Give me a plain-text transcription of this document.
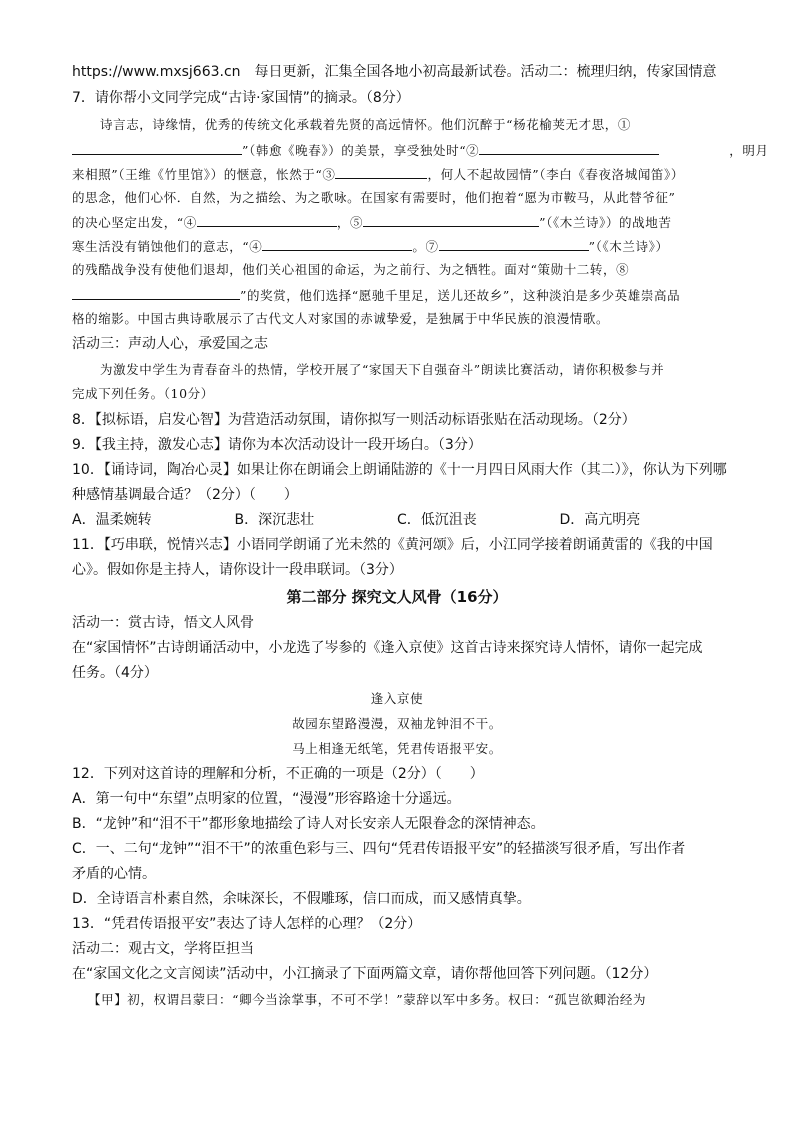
https://www.mxsj663.cn 每日更新，汇集全国各地小初高最新试卷。活动二：梳理归纳，传家国情意
7．请你帮小文同学完成“古诗·家国情”的摘录。（8分）
诗言志，诗缘情，优秀的传统文化承载着先贤的高远情怀。他们沉醉于“杨花榆荚无才思，①
”（韩愈《晚春》）的美景，享受独处时“②	，明月
来相照”（王维《竹里馆》）的惬意，怅然于“③	，何人不起故园情”（李白《春夜洛城闻笛》）
的思念，他们心怀．自然，为之描绘、为之歌咏。在国家有需要时，他们抱着“愿为市鞍马，从此替爷征”
的决心坚定出发，“④	，⑤	”（《木兰诗》）的战地苦
寒生活没有销蚀他们的意志，“④	。⑦	”（《木兰诗》）
的残酷战争没有使他们退却，他们关心祖国的命运，为之前行、为之牺牲。面对“策勋十二转，⑧
”的奖赏，他们选择“愿驰千里足，送儿还故乡”，这种淡泊是多少英雄崇高品
格的缩影。中国古典诗歌展示了古代文人对家国的赤诚挚爱，是独属于中华民族的浪漫情歌。
活动三：声动人心，承爱国之志
为激发中学生为青春奋斗的热情，学校开展了“家国天下自强奋斗”朗读比赛活动，请你积极参与并
完成下列任务。（10分）
8．【拟标语，启发心智】为营造活动氛围，请你拟写一则活动标语张贴在活动现场。（2分）
9．【我主持，激发心志】请你为本次活动设计一段开场白。（3分）
10．【诵诗词，陶冶心灵】如果让你在朗诵会上朗诵陆游的《十一月四日风雨大作（其二）》，你认为下列哪
种感情基调最合适？（2分）（　　）
A．温柔婉转	B．深沉悲壮	C．低沉沮丧	D．高亢明亮
11．【巧串联，悦情兴志】小语同学朗诵了光未然的《黄河颂》后，小江同学接着朗诵黄雷的《我的中国
心》。假如你是主持人，请你设计一段串联词。（3分）
第二部分 探究文人风骨（16分）
活动一：赏古诗，悟文人风骨
在“家国情怀”古诗朗诵活动中，小龙选了岑参的《逢入京使》这首古诗来探究诗人情怀，请你一起完成
任务。（4分）
逢入京使
故园东望路漫漫，双袖龙钟泪不干。
马上相逢无纸笔，凭君传语报平安。
12．下列对这首诗的理解和分析，不正确的一项是（2分）（　　）
A．第一句中“东望”点明家的位置，“漫漫”形容路途十分遥远。
B．“龙钟”和“泪不干”都形象地描绘了诗人对长安亲人无限眷念的深情神态。
C．一、二句“龙钟”“泪不干”的浓重色彩与三、四句“凭君传语报平安”的轻描淡写很矛盾，写出作者
矛盾的心情。
D．全诗语言朴素自然，余味深长，不假雕琢，信口而成，而又感情真挚。
13．“凭君传语报平安”表达了诗人怎样的心理？（2分）
活动二：观古文，学将臣担当
在“家国文化之文言阅读”活动中，小江摘录了下面两篇文章，请你帮他回答下列问题。（12分）
【甲】初，权谓吕蒙曰：“卿今当涂掌事，不可不学！”蒙辞以军中多务。权曰：“孤岂欲卿治经为
